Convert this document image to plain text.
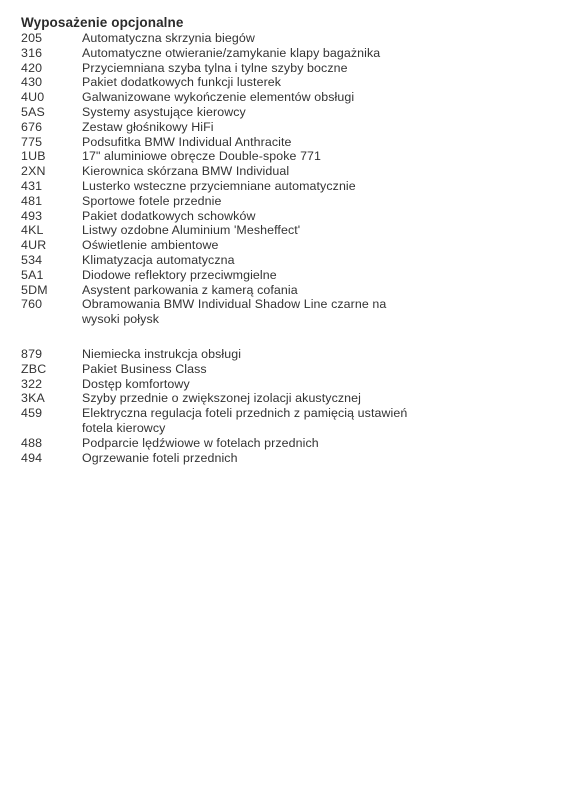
Wyposażenie opcjonalne
205	Automatyczna skrzynia biegów
316	Automatyczne otwieranie/zamykanie klapy bagażnika
420	Przyciemniana szyba tylna i tylne szyby boczne
430	Pakiet dodatkowych funkcji lusterek
4U0	Galwanizowane wykończenie elementów obsługi
5AS	Systemy asystujące kierowcy
676	Zestaw głośnikowy HiFi
775	Podsufitka BMW Individual Anthracite
1UB	17" aluminiowe obręcze Double-spoke 771
2XN	Kierownica skórzana BMW Individual
431	Lusterko wsteczne przyciemniane automatycznie
481	Sportowe fotele przednie
493	Pakiet dodatkowych schowków
4KL	Listwy ozdobne Aluminium 'Mesheffect'
4UR	Oświetlenie ambientowe
534	Klimatyzacja automatyczna
5A1	Diodowe reflektory przeciwmgielne
5DM	Asystent parkowania z kamerą cofania
760	Obramowania BMW Individual Shadow Line czarne na wysoki połysk
879	Niemiecka instrukcja obsługi
ZBC	Pakiet Business Class
322	Dostęp komfortowy
3KA	Szyby przednie o zwiększonej izolacji akustycznej
459	Elektryczna regulacja foteli przednich z pamięcią ustawień fotela kierowcy
488	Podparcie lędźwiowe w fotelach przednich
494	Ogrzewanie foteli przednich
